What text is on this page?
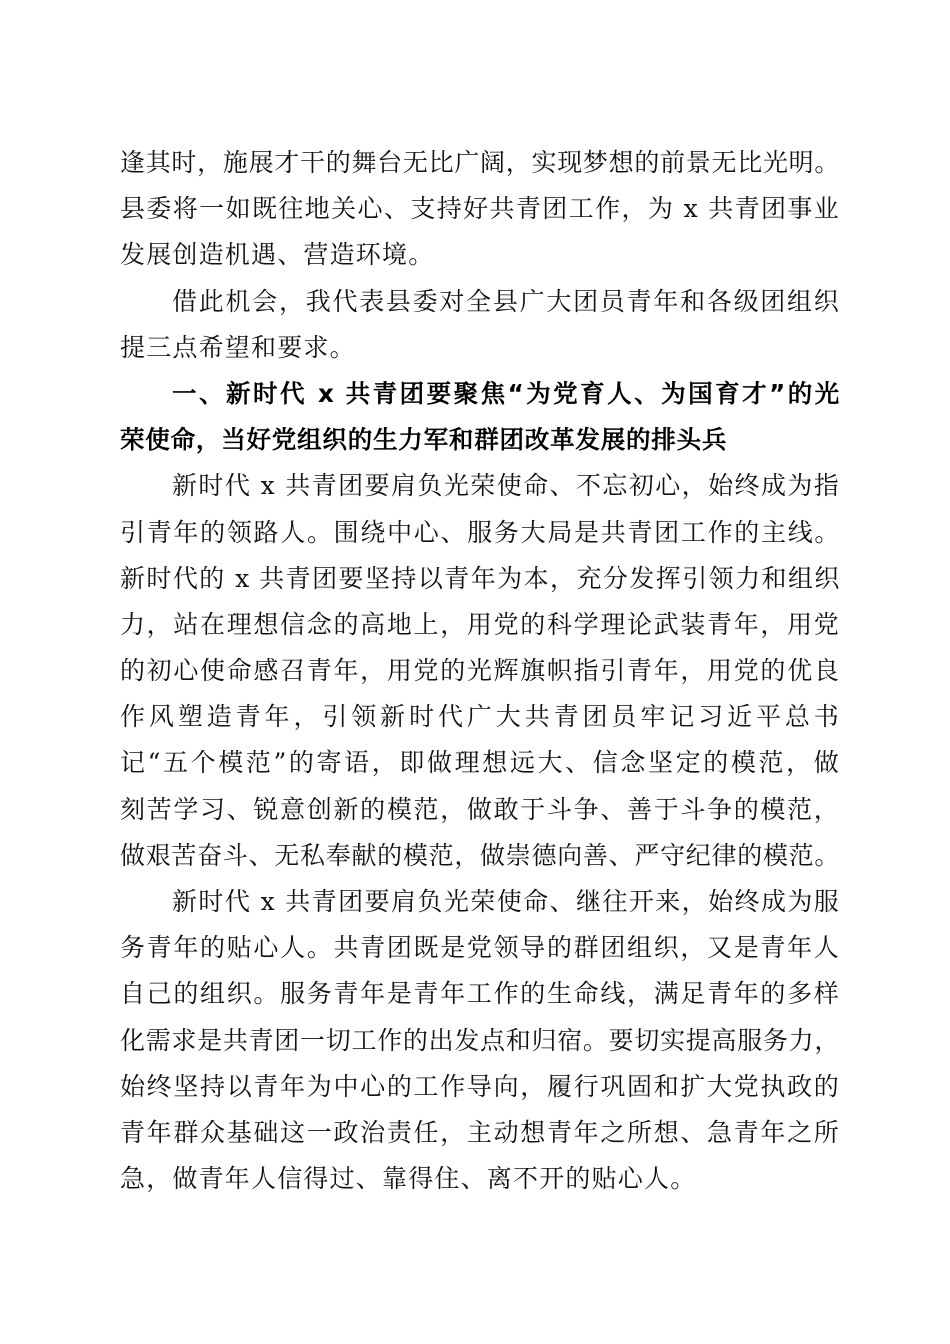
逢其时，施展才干的舞台无比广阔，实现梦想的前景无比光明。
县委将一如既往地关心、支持好共青团工作，为 x 共青团事业
发展创造机遇、营造环境。
借此机会，我代表县委对全县广大团员青年和各级团组织
提三点希望和要求。
一、新时代 x 共青团要聚焦“为党育人、为国育才”的光
荣使命，当好党组织的生力军和群团改革发展的排头兵
新时代 x 共青团要肩负光荣使命、不忘初心，始终成为指
引青年的领路人。围绕中心、服务大局是共青团工作的主线。
新时代的 x 共青团要坚持以青年为本，充分发挥引领力和组织
力，站在理想信念的高地上，用党的科学理论武装青年，用党
的初心使命感召青年，用党的光辉旗帜指引青年，用党的优良
作风塑造青年，引领新时代广大共青团员牢记习近平总书
记“五个模范”的寄语，即做理想远大、信念坚定的模范，做
刻苦学习、锐意创新的模范，做敢于斗争、善于斗争的模范，
做艰苦奋斗、无私奉献的模范，做崇德向善、严守纪律的模范。
新时代 x 共青团要肩负光荣使命、继往开来，始终成为服
务青年的贴心人。共青团既是党领导的群团组织，又是青年人
自己的组织。服务青年是青年工作的生命线，满足青年的多样
化需求是共青团一切工作的出发点和归宿。要切实提高服务力，
始终坚持以青年为中心的工作导向，履行巩固和扩大党执政的
青年群众基础这一政治责任，主动想青年之所想、急青年之所
急，做青年人信得过、靠得住、离不开的贴心人。
